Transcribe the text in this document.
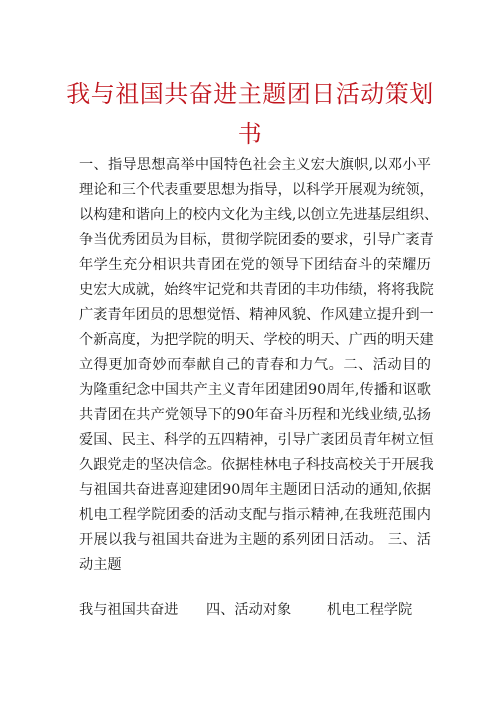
我与祖国共奋进主题团日活动策划
书
一、指导思想高举中国特色社会主义宏大旗帜,以邓小平
理论和三个代表重要思想为指导，以科学开展观为统领，
以构建和谐向上的校内文化为主线,以创立先进基层组织、
争当优秀团员为目标，贯彻学院团委的要求，引导广袤青
年学生充分相识共青团在党的领导下团结奋斗的荣耀历
史宏大成就，始终牢记党和共青团的丰功伟绩，将将我院
广袤青年团员的思想觉悟、精神风貌、作风建立提升到一
个新高度，为把学院的明天、学校的明天、广西的明天建
立得更加奇妙而奉献自己的青春和力气。二、活动目的
为隆重纪念中国共产主义青年团建团90周年,传播和讴歌
共青团在共产党领导下的90年奋斗历程和光线业绩,弘扬
爱国、民主、科学的五四精神，引导广袤团员青年树立恒
久跟党走的坚决信念。依据桂林电子科技高校关于开展我
与祖国共奋进喜迎建团90周年主题团日活动的通知,依据
机电工程学院团委的活动支配与指示精神,在我班范围内
开展以我与祖国共奋进为主题的系列团日活动。 三、活
动主题
我与祖国共奋进 四、活动对象	机电工程学院
